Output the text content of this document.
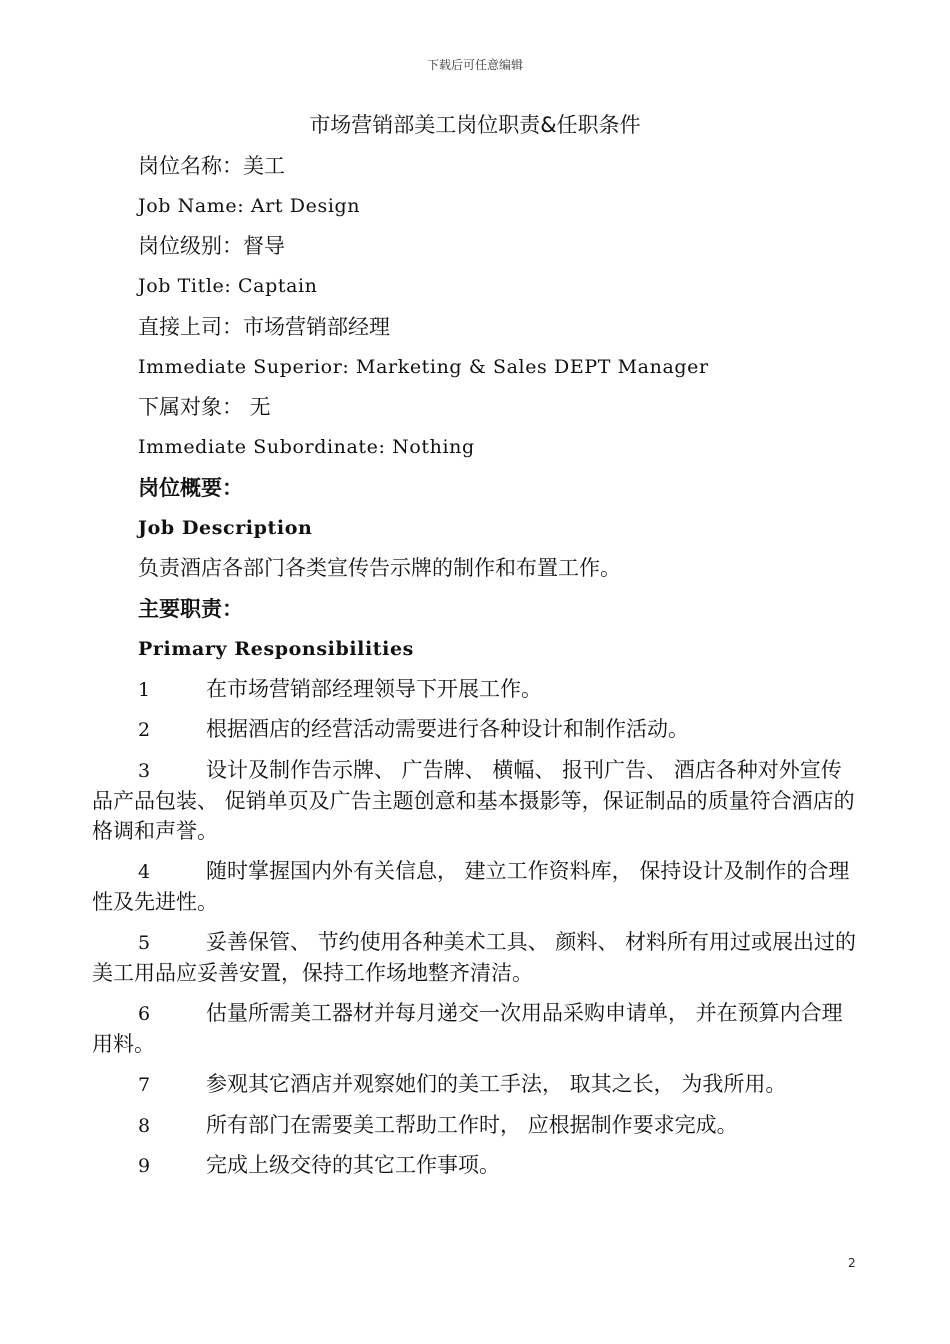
下载后可任意编辑
市场营销部美工岗位职责&任职条件
岗位名称：美工
Job Name: Art Design
岗位级别：督导
Job Title: Captain
直接上司：市场营销部经理
Immediate Superior: Marketing & Sales DEPT Manager
下属对象： 无
Immediate Subordinate: Nothing
岗位概要：
Job Description
负责酒店各部门各类宣传告示牌的制作和布置工作。
主要职责：
Primary Responsibilities
1	在市场营销部经理领导下开展工作。
2	根据酒店的经营活动需要进行各种设计和制作活动。
3	设计及制作告示牌、 广告牌、 横幅、 报刊广告、 酒店各种对外宣传品产品包装、 促销单页及广告主题创意和基本摄影等，保证制品的质量符合酒店的格调和声誉。
4	随时掌握国内外有关信息， 建立工作资料库， 保持设计及制作的合理性及先进性。
5	妥善保管、 节约使用各种美术工具、 颜料、 材料所有用过或展出过的美工用品应妥善安置，保持工作场地整齐清洁。
6	估量所需美工器材并每月递交一次用品采购申请单， 并在预算内合理用料。
7	参观其它酒店并观察她们的美工手法， 取其之长， 为我所用。
8	所有部门在需要美工帮助工作时， 应根据制作要求完成。
9	完成上级交待的其它工作事项。
2
